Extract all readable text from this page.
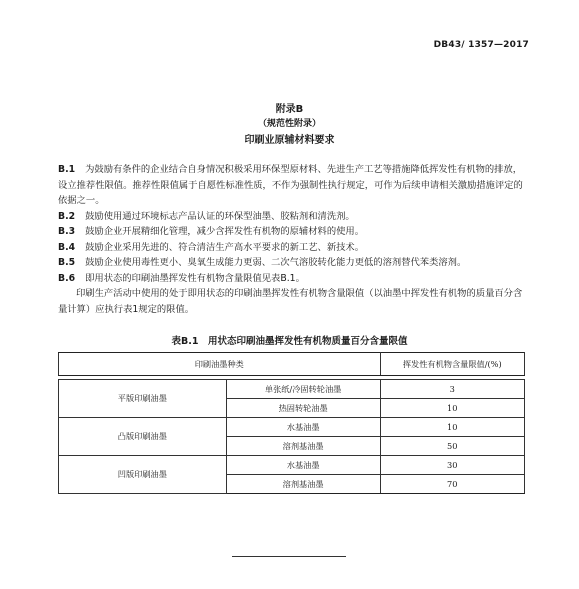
DB43/ 1357—2017
附录B
（规范性附录）
印刷业原辅材料要求

B.1 为鼓励有条件的企业结合自身情况积极采用环保型原材料、先进生产工艺等措施降低挥发性有机物的排放，设立推荐性限值。推荐性限值属于自愿性标准性质，不作为强制性执行规定，可作为后续申请相关激励措施评定的依据之一。

B.2 鼓励使用通过环境标志产品认证的环保型油墨、胶粘剂和清洗剂。

B.3 鼓励企业开展精细化管理，减少含挥发性有机物的原辅材料的使用。

B.4 鼓励企业采用先进的、符合清洁生产高水平要求的新工艺、新技术。

B.5 鼓励企业使用毒性更小、臭氧生成能力更弱、二次气溶胶转化能力更低的溶剂替代苯类溶剂。

B.6 即用状态的印刷油墨挥发性有机物含量限值见表B.1。

印刷生产活动中使用的处于即用状态的印刷油墨挥发性有机物含量限值（以油墨中挥发性有机物的质量百分含量计算）应执行表1规定的限值。

表B.1　用状态印刷油墨挥发性有机物质量百分含量限值
印刷油墨种类		挥发性有机物含量限值/(%)

平版印刷油墨	单张纸/冷固转轮油墨	3
	热固转轮油墨	10
凸版印刷油墨	水基油墨	10
	溶剂基油墨	50
凹版印刷油墨	水基油墨	30
	溶剂基油墨	70
